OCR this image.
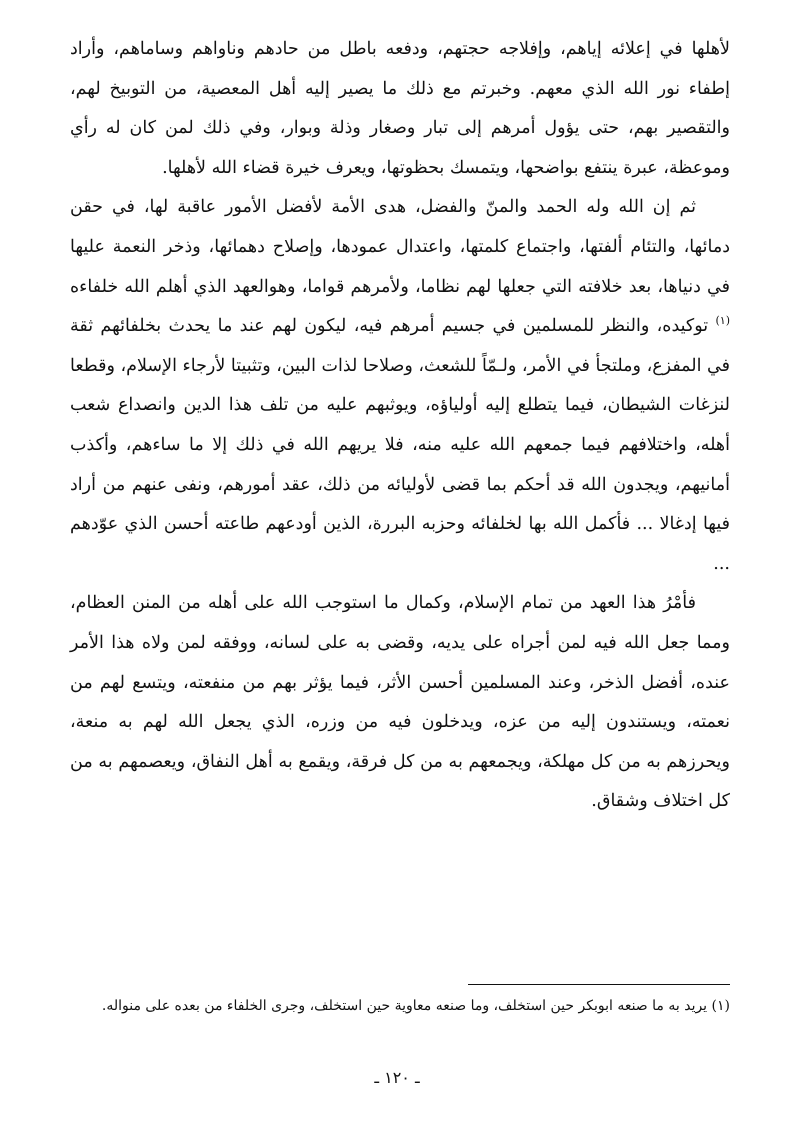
لأهلها في إعلائه إياهم، وإفلاجه حجتهم، ودفعه باطل من حادهم وناواهم وساماهم، وأراد إطفاء نور الله الذي معهم. وخبرتم مع ذلك ما يصير إليه أهل المعصية، من التوبيخ لهم، والتقصير بهم، حتى يؤول أمرهم إلى تبار وصغار وذلة وبوار، وفي ذلك لمن كان له رأي وموعظة، عبرة ينتفع بواضحها، ويتمسك بحظوتها، ويعرف خيرة قضاء الله لأهلها.

ثم إن الله وله الحمد والمنّ والفضل، هدى الأمة لأفضل الأمور عاقبة لها، في حقن دمائها، والتئام ألفتها، واجتماع كلمتها، واعتدال عمودها، وإصلاح دهمائها، وذخر النعمة عليها في دنياها، بعد خلافته التي جعلها لهم نظاما، ولأمرهم قواما، وهوالعهد الذي أهلم الله خلفاءه $^{(١)}$ توكيده، والنظر للمسلمين في جسيم أمرهم فيه، ليكون لهم عند ما يحدث بخلفائهم ثقة في المفزع، وملتجأ في الأمر، ولـمّاً للشعث، وصلاحا لذات البين، وتثبيتا لأرجاء الإسلام، وقطعا لنزغات الشيطان، فيما يتطلع إليه أولياؤه، ويوثبهم عليه من تلف هذا الدين وانصداع شعب أهله، واختلافهم فيما جمعهم الله عليه منه، فلا يريهم الله في ذلك إلا ما ساءهم، وأكذب أمانيهم، ويجدون الله قد أحكم بما قضى لأوليائه من ذلك، عقد أمورهم، ونفى عنهم من أراد فيها إدغالا ... فأكمل الله بها لخلفائه وحزبه البررة، الذين أودعهم طاعته أحسن الذي عوّدهم ...

فأمْرُ هذا العهد من تمام الإسلام، وكمال ما استوجب الله على أهله من المنن العظام، ومما جعل الله فيه لمن أجراه على يديه، وقضى به على لسانه، ووفقه لمن ولاه هذا الأمر عنده، أفضل الذخر، وعند المسلمين أحسن الأثر، فيما يؤثر بهم من منفعته، ويتسع لهم من نعمته، ويستندون إليه من عزه، ويدخلون فيه من وزره، الذي يجعل الله لهم به منعة، ويحرزهم به من كل مهلكة، ويجمعهم به من كل فرقة، ويقمع به أهل النفاق، ويعصمهم به من كل اختلاف وشقاق.

(١) يريد به ما صنعه ابوبكر حين استخلف، وما صنعه معاوية حين استخلف، وجرى الخلفاء من بعده على منواله.

ـ ١٢٠ ـ
